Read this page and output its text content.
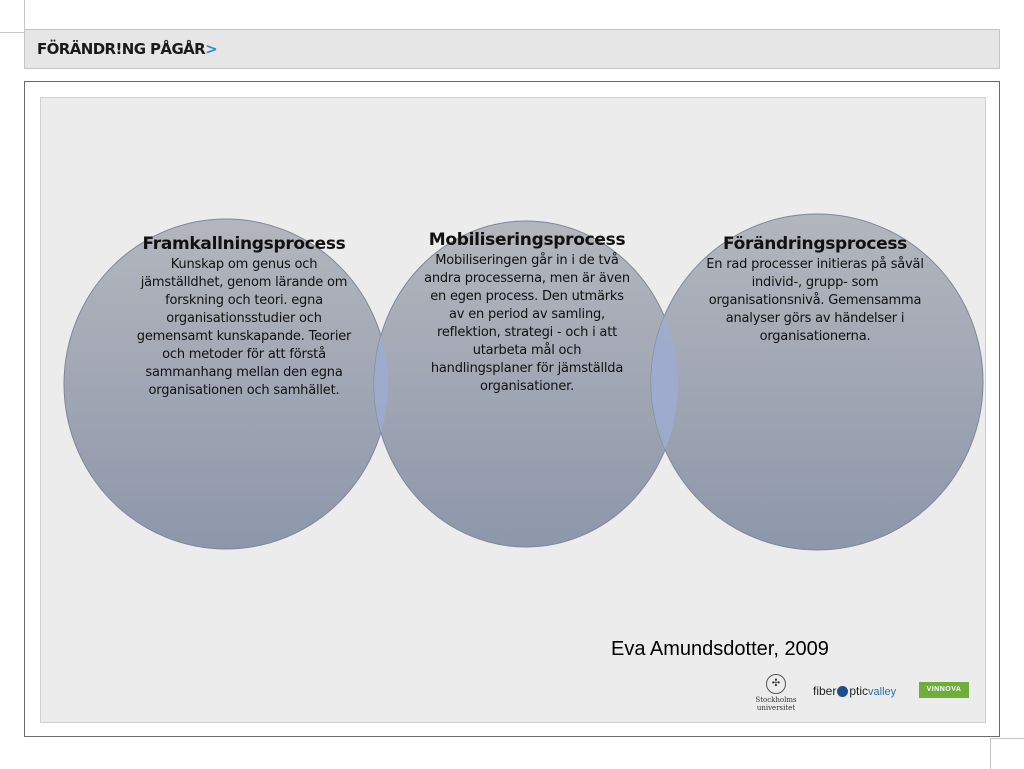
FÖRÄNDR!NG PÅGÅR>
Framkallningsprocess
Kunskap om genus och jämställdhet, genom lärande om forskning och teori. egna organisationsstudier och gemensamt kunskapande. Teorier och metoder för att förstå sammanhang mellan den egna organisationen och samhället.
Mobiliseringsprocess
Mobiliseringen går in i de två andra processerna, men är även en egen process. Den utmärks av en period av samling, reflektion, strategi - och i att utarbeta mål och handlingsplaner för jämställda organisationer.
Förändringsprocess
En rad processer initieras på såväl individ-, grupp- som organisationsnivå. Gemensamma analyser görs av händelser i organisationerna.
Eva Amundsdotter, 2009
✣
Stockholms
universitet
fiber pticvalley	VINNOVA
